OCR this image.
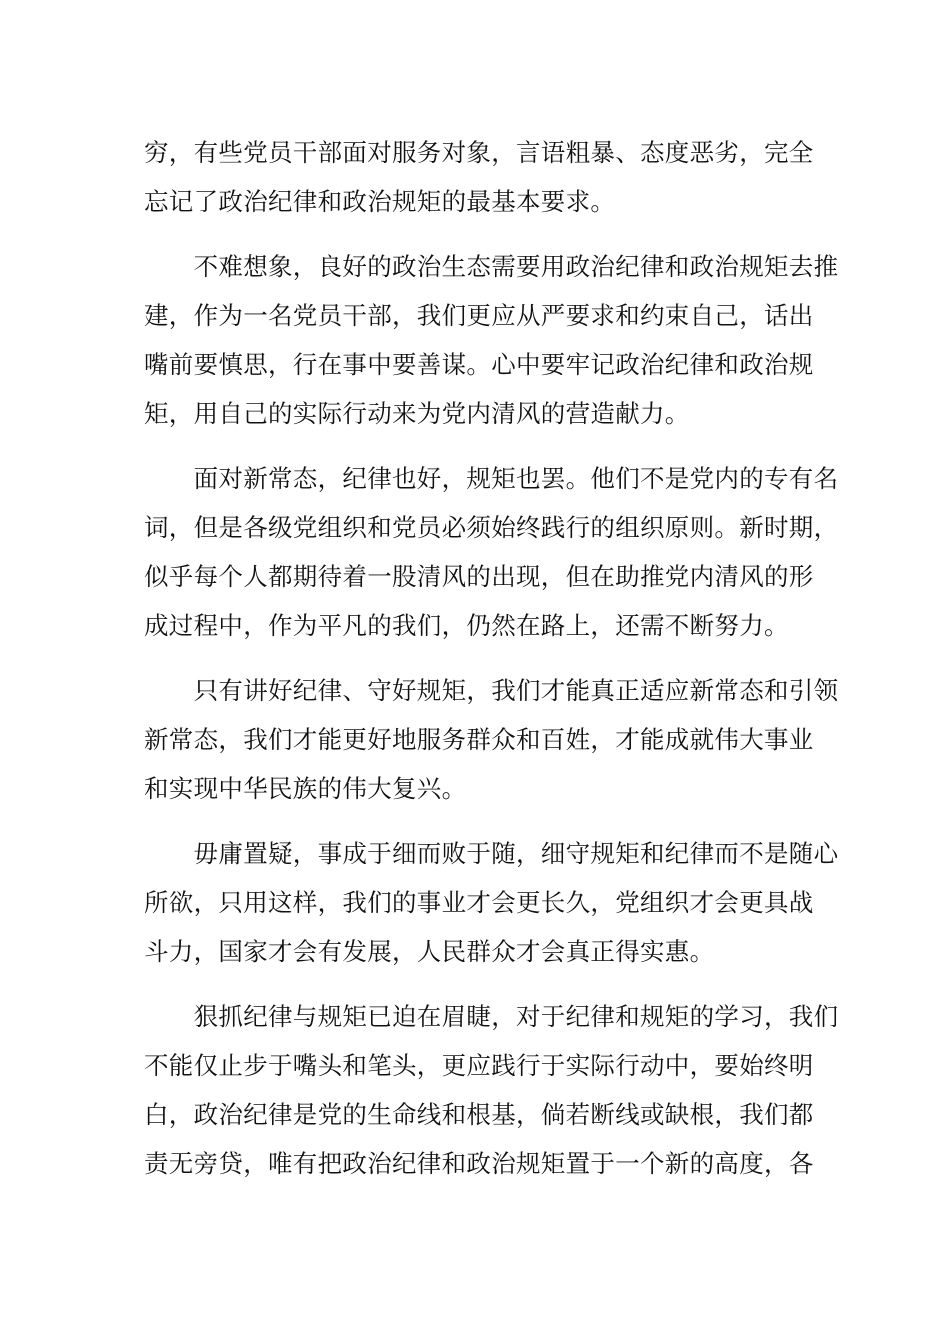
穷，有些党员干部面对服务对象，言语粗暴、态度恶劣，完全
忘记了政治纪律和政治规矩的最基本要求。
　　不难想象，良好的政治生态需要用政治纪律和政治规矩去推
建，作为一名党员干部，我们更应从严要求和约束自己，话出
嘴前要慎思，行在事中要善谋。心中要牢记政治纪律和政治规
矩，用自己的实际行动来为党内清风的营造献力。
　　面对新常态，纪律也好，规矩也罢。他们不是党内的专有名
词，但是各级党组织和党员必须始终践行的组织原则。新时期，
似乎每个人都期待着一股清风的出现，但在助推党内清风的形
成过程中，作为平凡的我们，仍然在路上，还需不断努力。
　　只有讲好纪律、守好规矩，我们才能真正适应新常态和引领
新常态，我们才能更好地服务群众和百姓，才能成就伟大事业
和实现中华民族的伟大复兴。
　　毋庸置疑，事成于细而败于随，细守规矩和纪律而不是随心
所欲，只用这样，我们的事业才会更长久，党组织才会更具战
斗力，国家才会有发展，人民群众才会真正得实惠。
　　狠抓纪律与规矩已迫在眉睫，对于纪律和规矩的学习，我们
不能仅止步于嘴头和笔头，更应践行于实际行动中，要始终明
白，政治纪律是党的生命线和根基，倘若断线或缺根，我们都
责无旁贷，唯有把政治纪律和政治规矩置于一个新的高度，各
